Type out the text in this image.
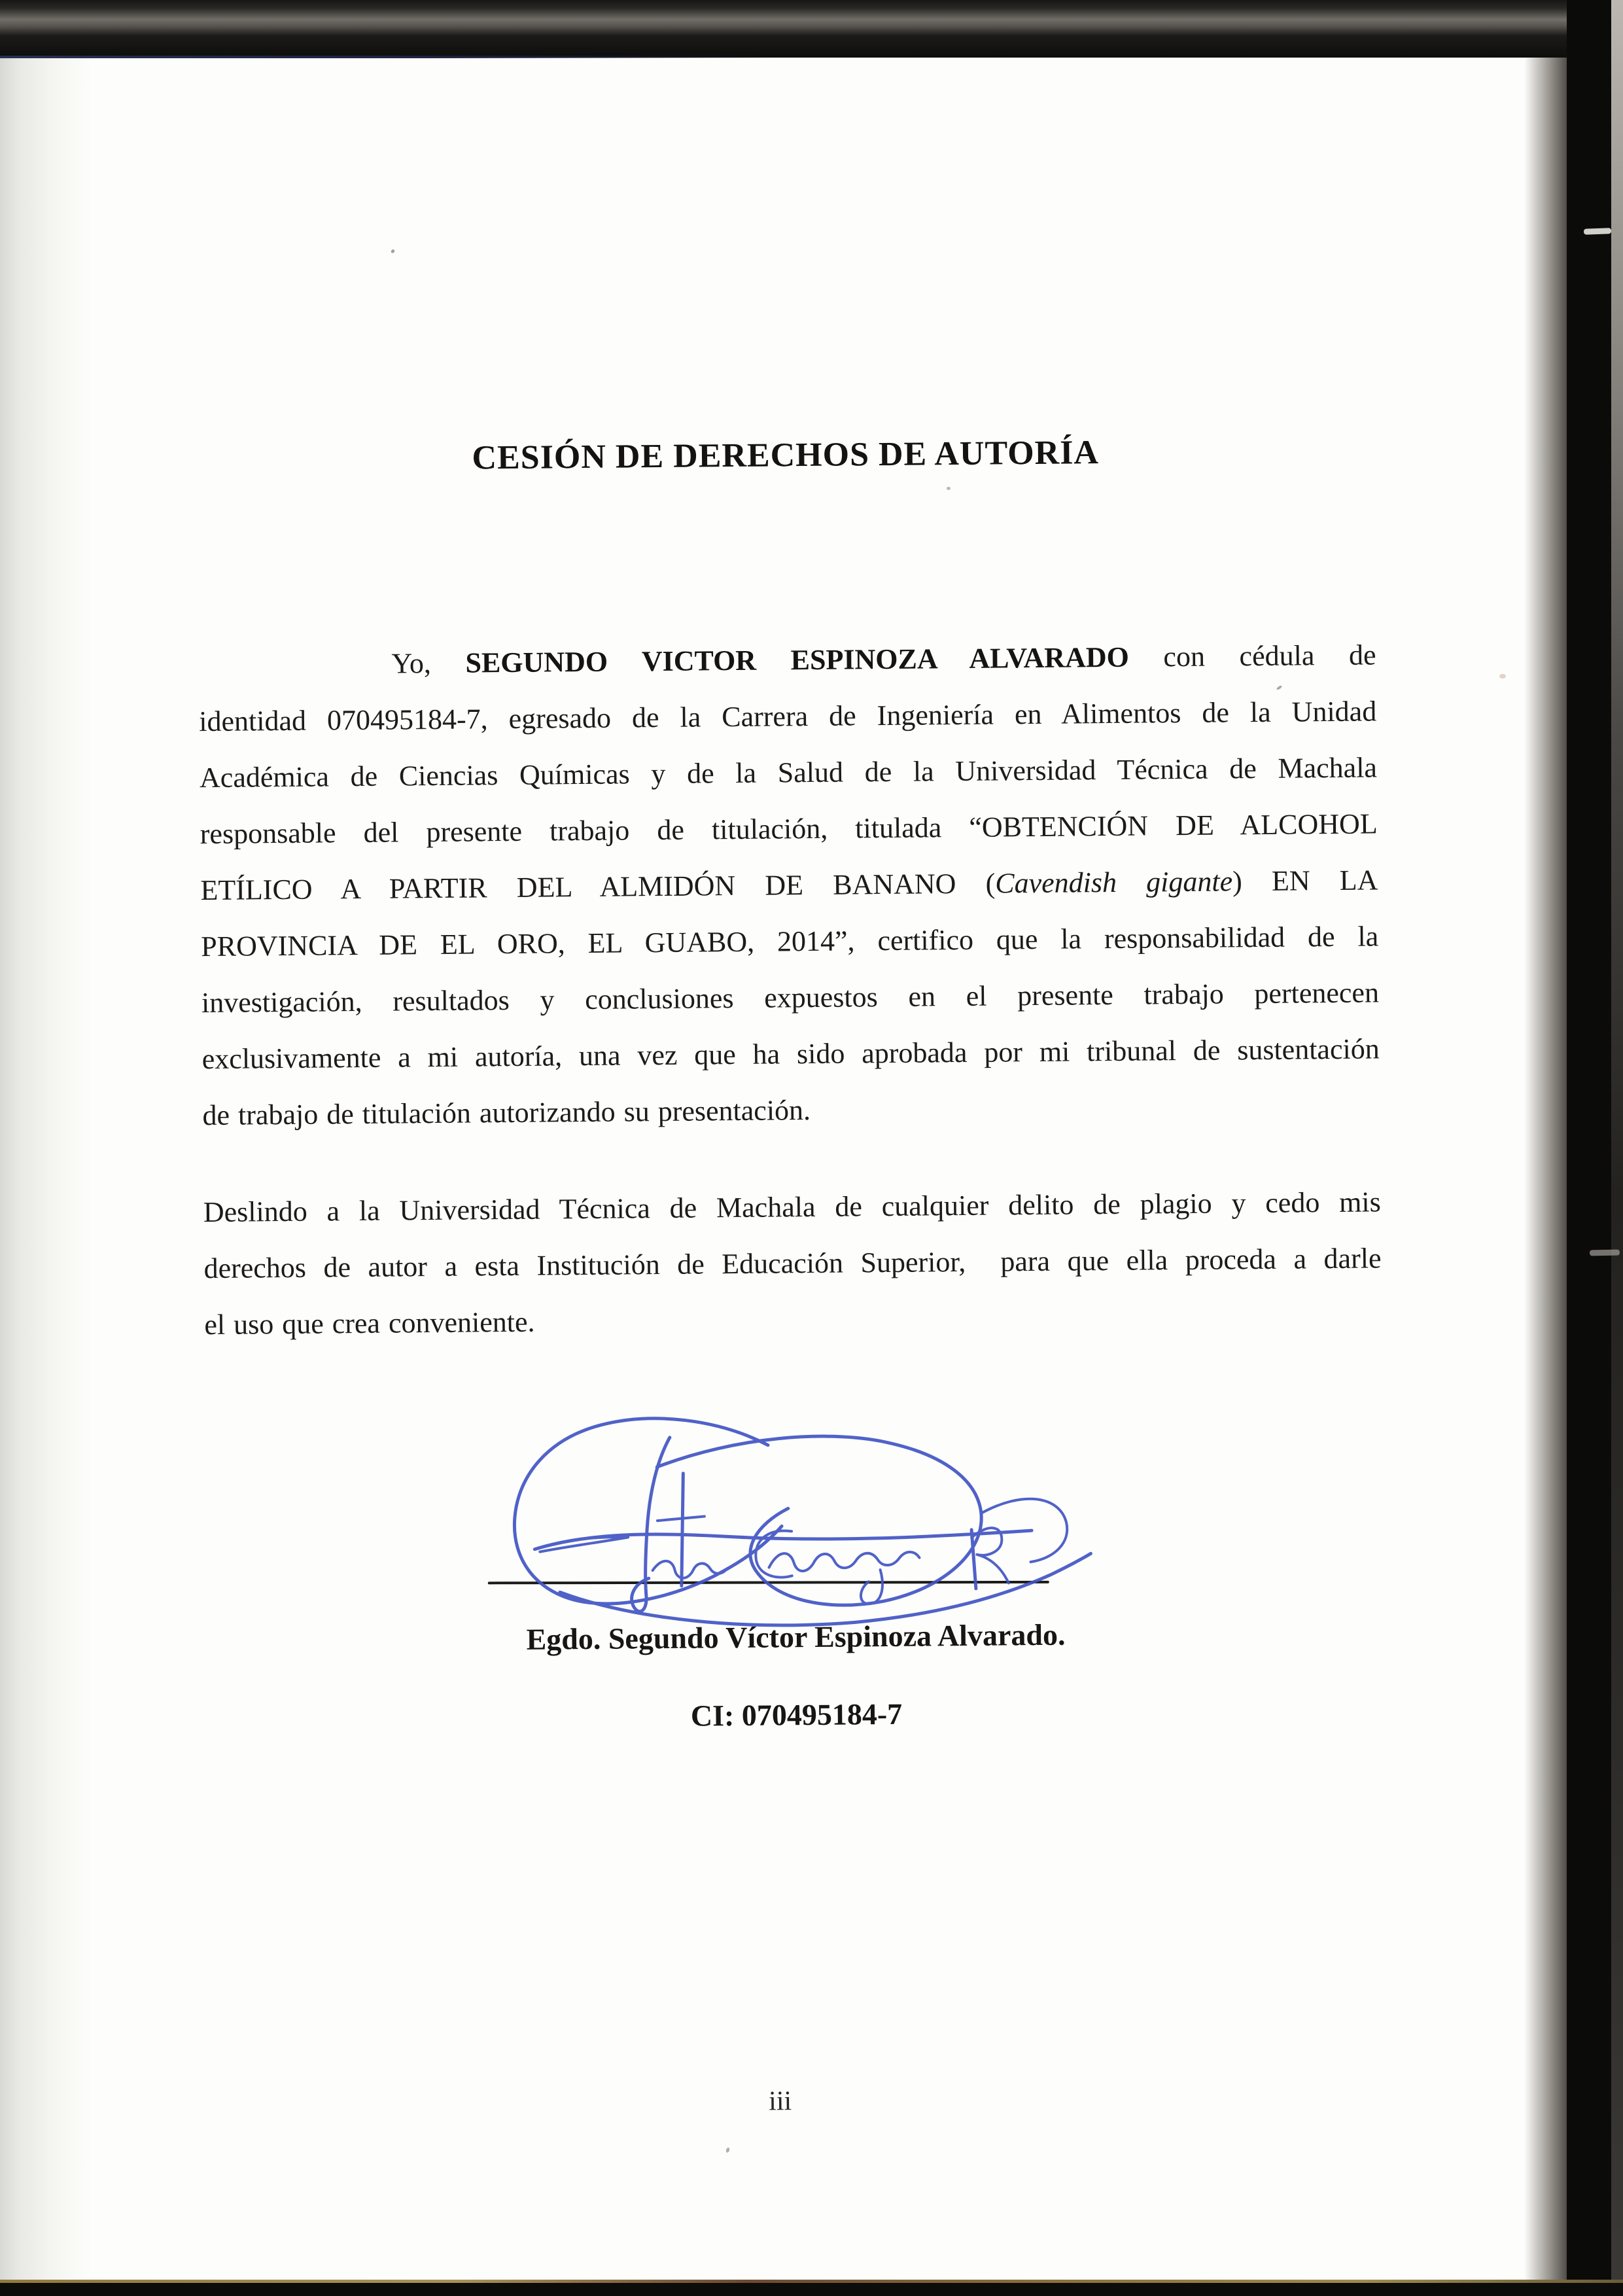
CESIÓN DE DERECHOS DE AUTORÍA
Yo, SEGUNDO VICTOR ESPINOZA ALVARADO con cédula de
identidad 070495184-7, egresado de la Carrera de Ingeniería en Alimentos de la Unidad
Académica de Ciencias Químicas y de la Salud de la Universidad Técnica de Machala
responsable del presente trabajo de titulación, titulada “OBTENCIÓN DE ALCOHOL
ETÍLICO A PARTIR DEL ALMIDÓN DE BANANO (Cavendish gigante) EN LA
PROVINCIA DE EL ORO, EL GUABO, 2014”, certifico que la responsabilidad de la
investigación, resultados y conclusiones expuestos en el presente trabajo pertenecen
exclusivamente a mi autoría, una vez que ha sido aprobada por mi tribunal de sustentación
de trabajo de titulación autorizando su presentación.
Deslindo a la Universidad Técnica de Machala de cualquier delito de plagio y cedo mis
derechos de autor a esta Institución de Educación Superior,  para que ella proceda a darle
el uso que crea conveniente.
Egdo. Segundo Víctor Espinoza Alvarado.
CI: 070495184-7
iii
